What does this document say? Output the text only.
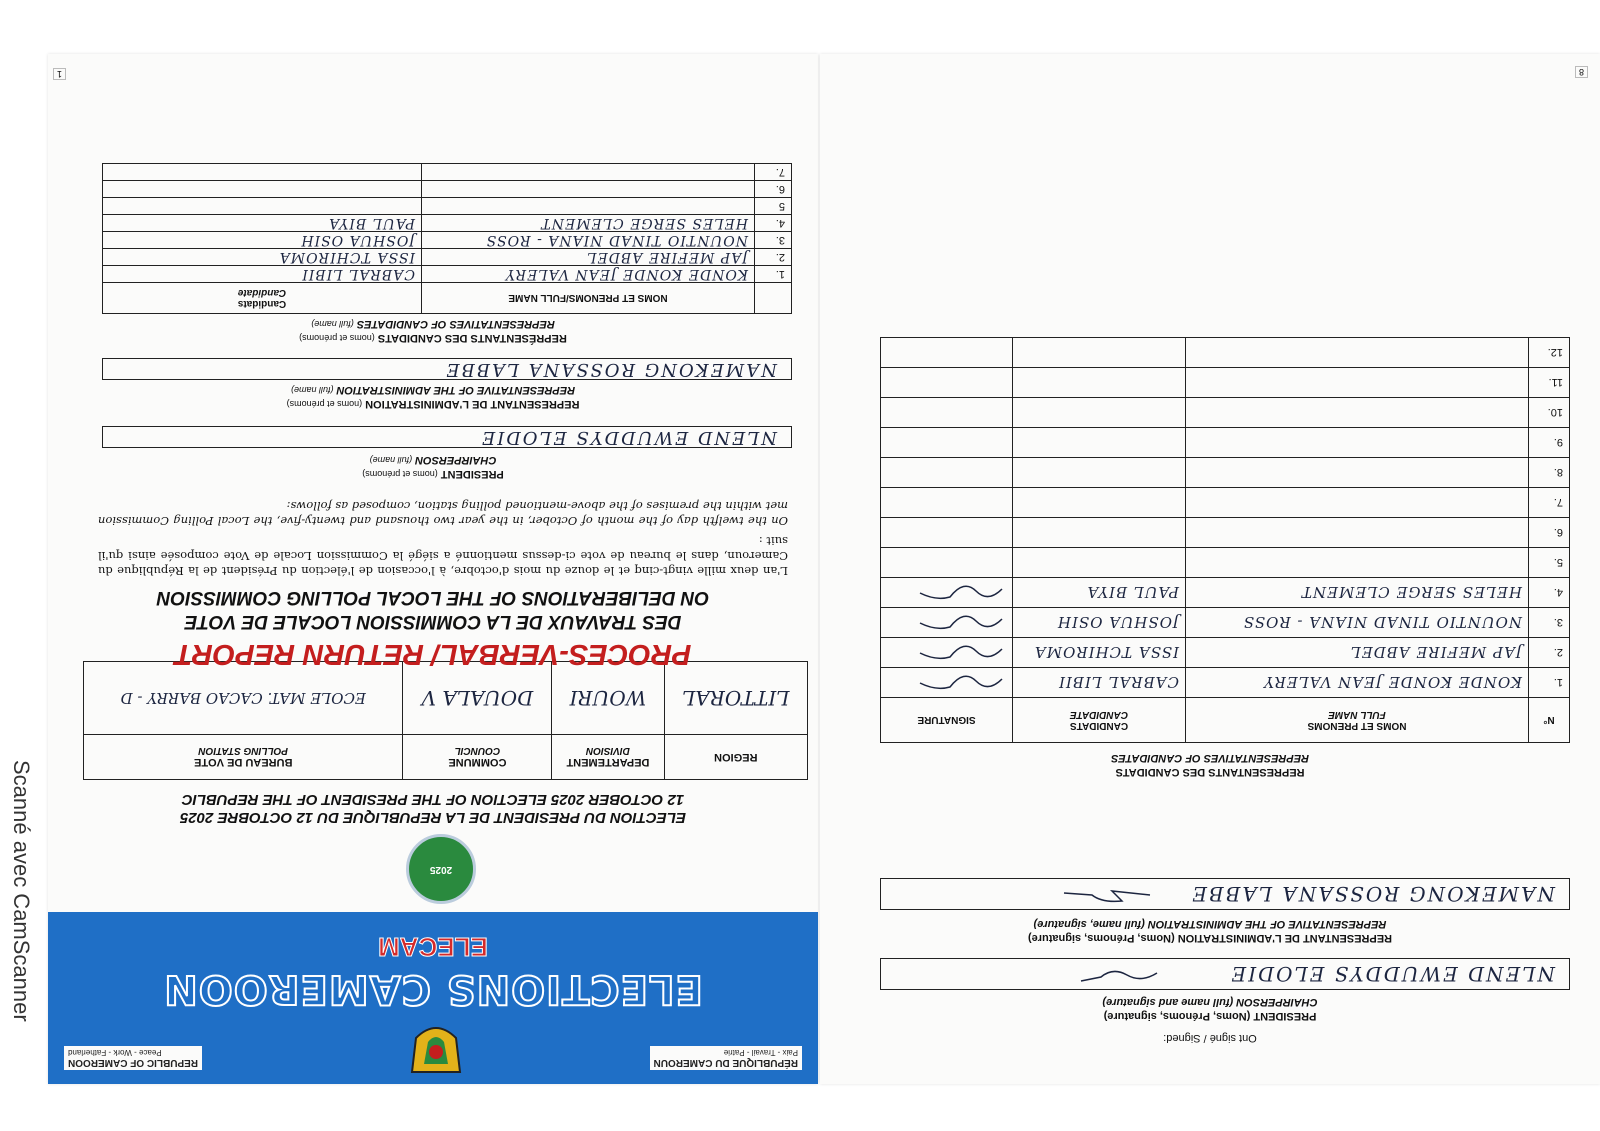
RÉPUBLIQUE DU CAMEROUN
Paix - Travail - Patrie
REPUBLIC OF CAMEROON
Peace - Work - Fatherland
ELECTIONS CAMEROON
ELECAM
2025
ELECTION DU PRESIDENT DE LA REPUBLIQUE DU 12 OCTOBRE 2025
12 OCTOBER 2025 ELECTION OF THE PRESIDENT OF THE REPUBLIC
REGION	DEPARTEMENT
DIVISION	COMMUNE
COUNCIL	BUREAU DE VOTE
POLLING STATION

LITTORAL	WOURI	DOUALA V	ECOLE MAT. CACAO BARRY - D
PROCES-VERBAL/ RETURN REPORT
DES TRAVAUX DE LA COMMISSION LOCALE DE VOTE
ON DELIBERATIONS OF THE LOCAL POLLING COMMISSION
L'an deux mille vingt-cinq et le douze du mois d'octobre, à l'occasion de l'élection du Président de la République du Cameroun, dans le bureau de vote ci-dessus mentionné a siégé la Commission Locale de Vote composée ainsi qu'il suit :
On the twelfth day of the month of October, in the year two thousand and twenty-five, the Local Polling Commission met within the premises of the above-mentioned polling station, composed as follows:
PRESIDENT (noms et prénoms)
CHAIRPERSON (full name)
NLEND EWUDDYS ELODIE
REPRESENTANT DE L'ADMINISTRATION (noms et prénoms)
REPRESENTATIVE OF THE ADMINISTRATION (full name)
NAMEKONG ROSSANA LABBE
REPRÉSENTANTS DES CANDIDATS (noms et prénoms)
REPRESENTATIVES OF CANDIDATES (full name)
	NOMS ET PRENOMS/FULL NAME	Candidats
Candidate
1.	KONDE KONDE JEAN VALERY	CABRAL LIBII
2.	JAP MEFIRE ABDEL	ISSA TCHIROMA
3.	NOUNTIO TINAD NIANA - ROSS	JOSHUA OSIH
4.	HELES SERGE CLEMENT	PAUL BIYA
5		
6.		
7.		
1	8
Ont signé / Signed:
PRESIDENT (Noms, Prénoms, signature)
CHAIRPERSON (full name and signature)
NLEND EWUDDYS ELODIE
REPRESENTANT DE L'ADMINISTRATION (Noms, Prénoms, signature)
REPRESENTATIVE OF THE ADMINISTRATION (full name, signature)
NAMEKONG ROSSANA LABBE
REPRESENTANTS DES CANDIDATS
REPRESENTATIVES OF CANDIDATES
N°	NOMS ET PRENOMS
FULL NAME	CANDIDATS
CANDIDATE	SIGNATURE
1.	KONDE KONDE JEAN VALERY	CABRAL LIBII	
2.	JAP MEFIRE ABDEL	ISSA TCHIROMA	
3.	NOUNTIO TINAD NIANA - ROSS	JOSHUA OSIH	
4.	HELES SERGE CLEMENT	PAUL BIYA	
5.			
6.			
7.			
8.			
9.			
10.			
11.			
12.			
Scanné avec CamScanner
